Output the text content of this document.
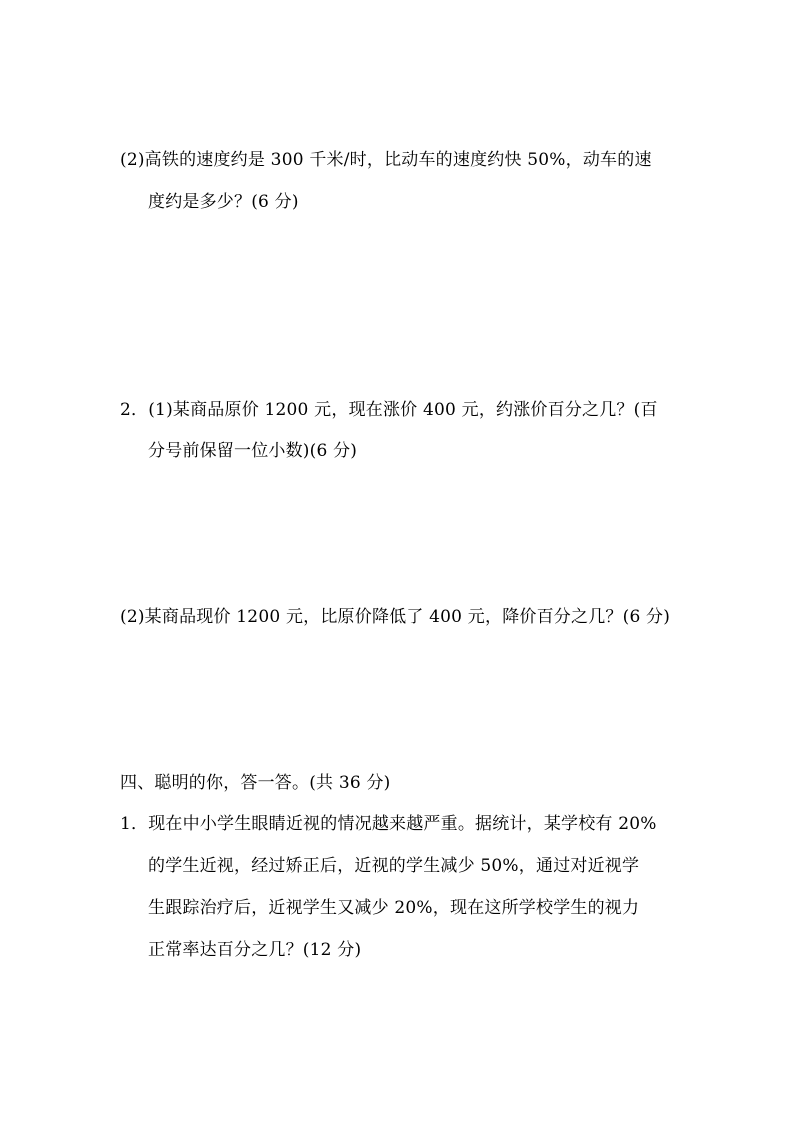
(2)高铁的速度约是 300 千米/时，比动车的速度约快 50%，动车的速
度约是多少？(6 分)
2．(1)某商品原价 1200 元，现在涨价 400 元，约涨价百分之几？(百
分号前保留一位小数)(6 分)
(2)某商品现价 1200 元，比原价降低了 400 元，降价百分之几？(6 分)
四、聪明的你，答一答。(共 36 分)
1．现在中小学生眼睛近视的情况越来越严重。据统计，某学校有 20%
的学生近视，经过矫正后，近视的学生减少 50%，通过对近视学
生跟踪治疗后，近视学生又减少 20%，现在这所学校学生的视力
正常率达百分之几？(12 分)
